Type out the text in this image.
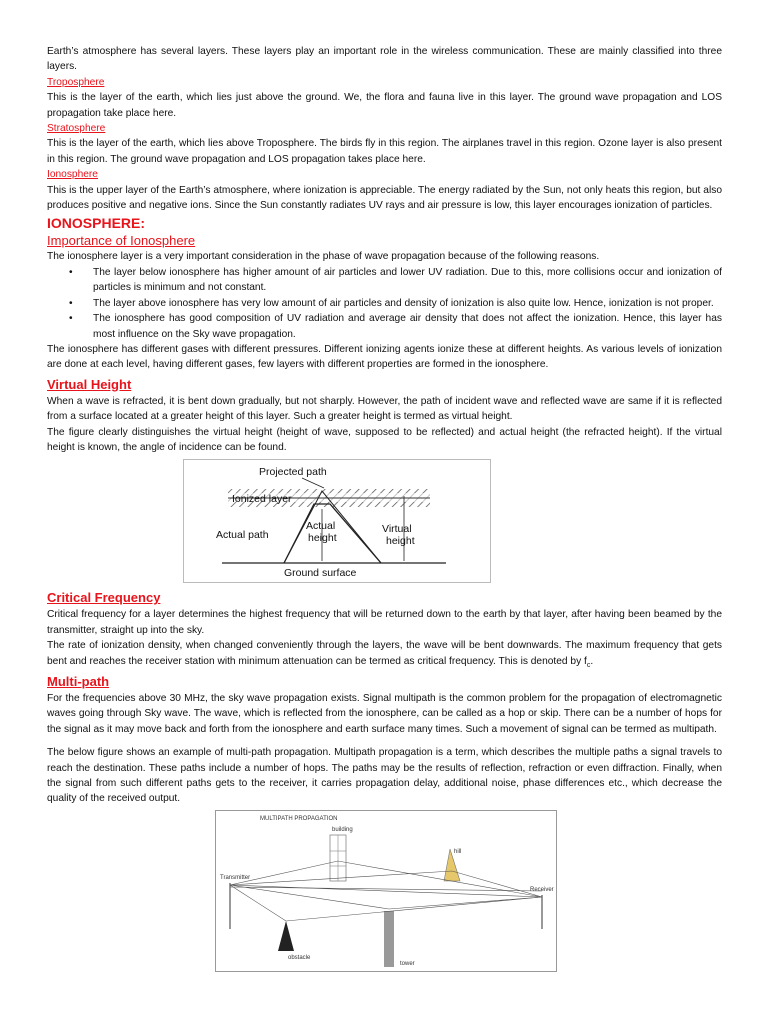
Earth’s atmosphere has several layers. These layers play an important role in the wireless communication. These are mainly classified into three layers.

Troposphere

This is the layer of the earth, which lies just above the ground. We, the flora and fauna live in this layer. The ground wave propagation and LOS propagation take place here.

Stratosphere

This is the layer of the earth, which lies above Troposphere. The birds fly in this region. The airplanes travel in this region. Ozone layer is also present in this region. The ground wave propagation and LOS propagation takes place here.

Ionosphere

This is the upper layer of the Earth’s atmosphere, where ionization is appreciable. The energy radiated by the Sun, not only heats this region, but also produces positive and negative ions. Since the Sun constantly radiates UV rays and air pressure is low, this layer encourages ionization of particles.

IONOSPHERE:
Importance of Ionosphere

The ionosphere layer is a very important consideration in the phase of wave propagation because of the following reasons.

• The layer below ionosphere has higher amount of air particles and lower UV radiation. Due to this, more collisions occur and ionization of particles is minimum and not constant.
• The layer above ionosphere has very low amount of air particles and density of ionization is also quite low. Hence, ionization is not proper.
• The ionosphere has good composition of UV radiation and average air density that does not affect the ionization. Hence, this layer has most influence on the Sky wave propagation.

The ionosphere has different gases with different pressures. Different ionizing agents ionize these at different heights. As various levels of ionization are done at each level, having different gases, few layers with different properties are formed in the ionosphere.

Virtual Height

When a wave is refracted, it is bent down gradually, but not sharply. However, the path of incident wave and reflected wave are same if it is reflected from a surface located at a greater height of this layer. Such a greater height is termed as virtual height.

The figure clearly distinguishes the virtual height (height of wave, supposed to be reflected) and actual height (the refracted height). If the virtual height is known, the angle of incidence can be found.

Projected path
Ionized layer
Actual path
Actual
height
Virtual
height
Ground surface
Critical Frequency

Critical frequency for a layer determines the highest frequency that will be returned down to the earth by that layer, after having been beamed by the transmitter, straight up into the sky.

The rate of ionization density, when changed conveniently through the layers, the wave will be bent downwards. The maximum frequency that gets bent and reaches the receiver station with minimum attenuation can be termed as critical frequency. This is denoted by $f_c$.

Multi-path

For the frequencies above 30 MHz, the sky wave propagation exists. Signal multipath is the common problem for the propagation of electromagnetic waves going through Sky wave. The wave, which is reflected from the ionosphere, can be called as a hop or skip. There can be a number of hops for the signal as it may move back and forth from the ionosphere and earth surface many times. Such a movement of signal can be termed as multipath.

The below figure shows an example of multi-path propagation. Multipath propagation is a term, which describes the multiple paths a signal travels to reach the destination. These paths include a number of hops. The paths may be the results of reflection, refraction or even diffraction. Finally, when the signal from such different paths gets to the receiver, it carries propagation delay, additional noise, phase differences etc., which decrease the quality of the received output.

MULTIPATH PROPAGATION
building
hill
Transmitter
Receiver
obstacle
tower
